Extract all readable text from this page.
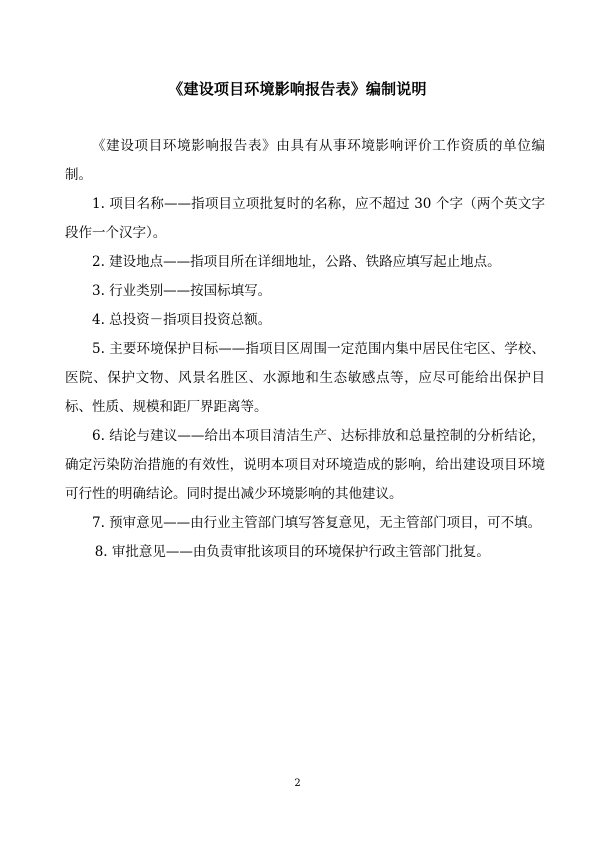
《建设项目环境影响报告表》编制说明

《建设项目环境影响报告表》由具有从事环境影响评价工作资质的单位编制。

1. 项目名称——指项目立项批复时的名称，应不超过 30 个字（两个英文字段作一个汉字）。

2. 建设地点——指项目所在详细地址，公路、铁路应填写起止地点。

3. 行业类别——按国标填写。

4. 总投资－指项目投资总额。

5. 主要环境保护目标——指项目区周围一定范围内集中居民住宅区、学校、医院、保护文物、风景名胜区、水源地和生态敏感点等，应尽可能给出保护目标、性质、规模和距厂界距离等。

6. 结论与建议——给出本项目清洁生产、达标排放和总量控制的分析结论，确定污染防治措施的有效性，说明本项目对环境造成的影响，给出建设项目环境可行性的明确结论。同时提出减少环境影响的其他建议。

7. 预审意见——由行业主管部门填写答复意见，无主管部门项目，可不填。

8. 审批意见——由负责审批该项目的环境保护行政主管部门批复。

2
